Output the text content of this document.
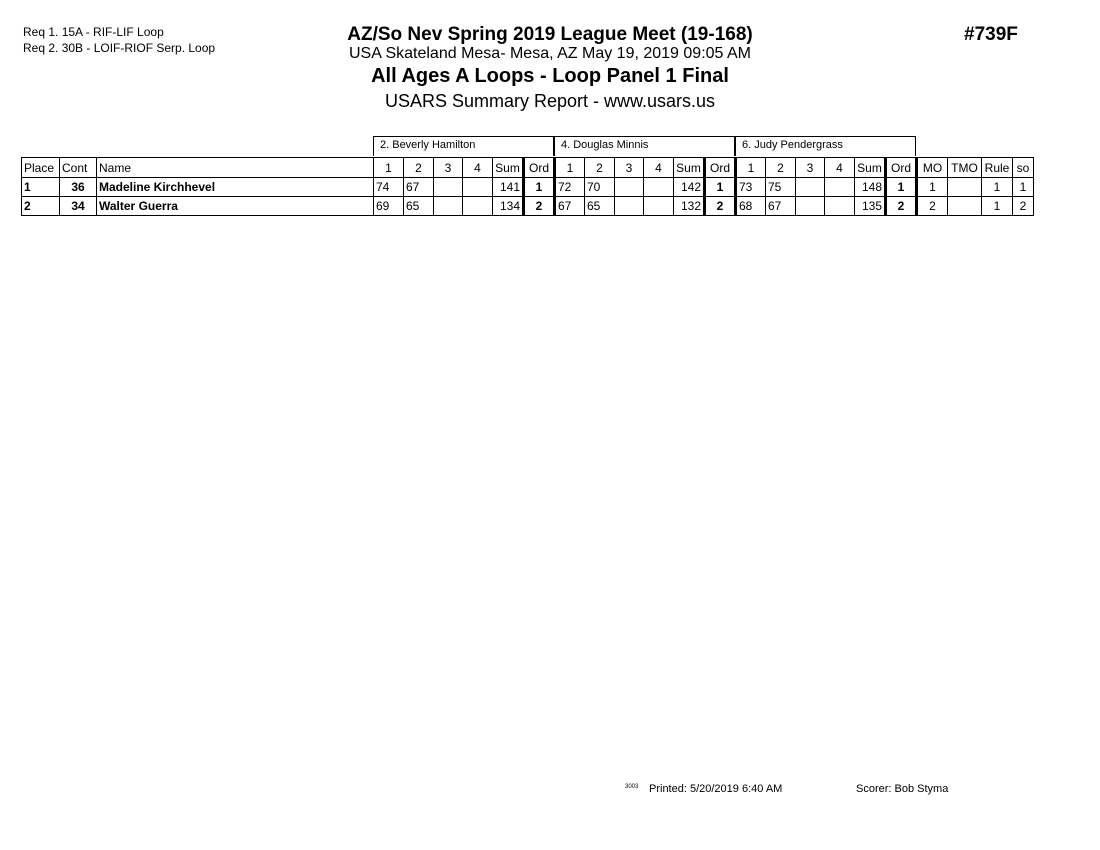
Req 1. 15A - RIF-LIF Loop
Req 2. 30B - LOIF-RIOF Serp. Loop
AZ/So Nev Spring 2019 League Meet (19-168)
USA Skateland Mesa- Mesa, AZ May 19, 2019 09:05 AM
All Ages A Loops - Loop Panel 1 Final
USARS Summary Report - www.usars.us
#739F
2. Beverly Hamilton	4. Douglas Minnis	6. Judy Pendergrass
Place	Cont	Name	1	2	3	4	Sum	Ord	1	2	3	4	Sum	Ord	1	2	3	4	Sum	Ord	MO	TMO	Rule	so
1	36	Madeline Kirchhevel	74	67			141	1	72	70			142	1	73	75			148	1	1		1	1
2	34	Walter Guerra	69	65			134	2	67	65			132	2	68	67			135	2	2		1	2
3003 Printed: 5/20/2019 6:40 AM	Scorer: Bob Styma
